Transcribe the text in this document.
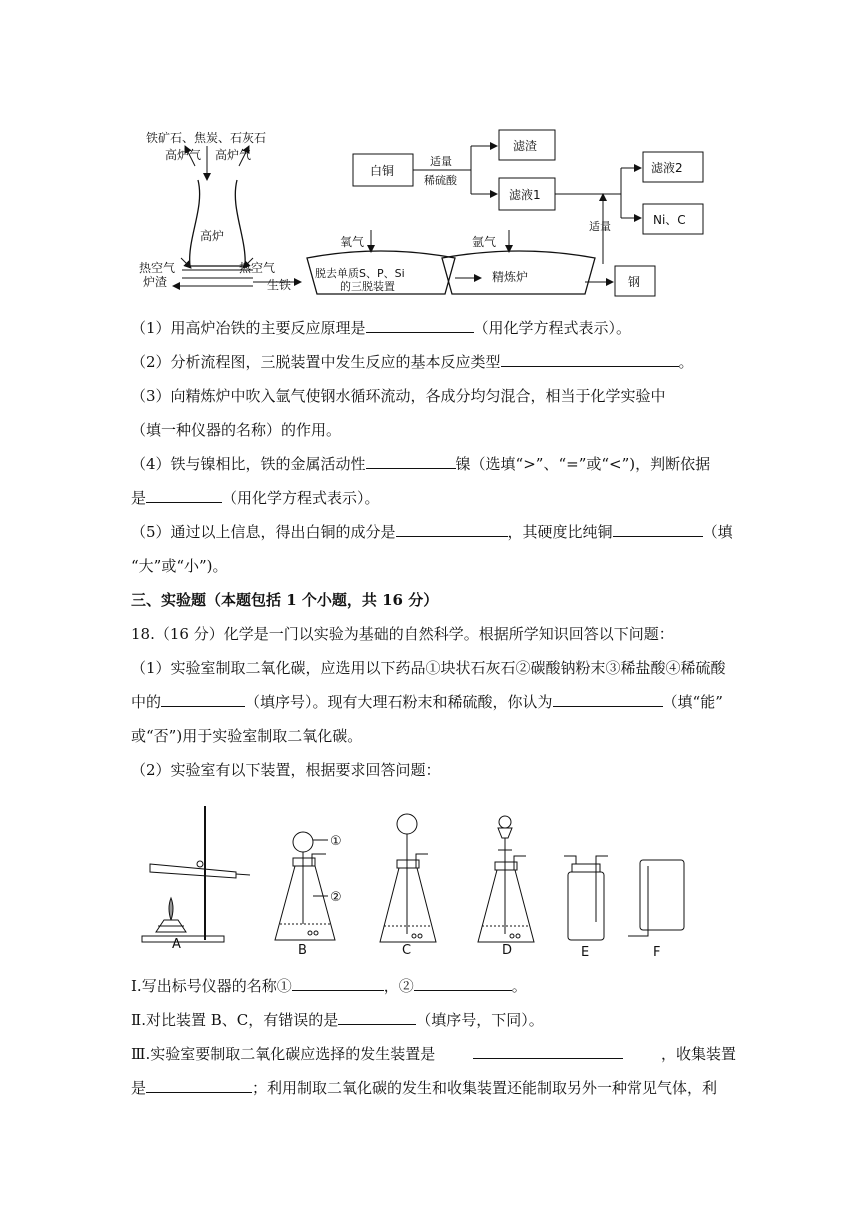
铁矿石、焦炭、石灰石
高炉气 高炉气
高炉
热空气	热空气
炉渣	生铁
脱去单质S、P、Si
的三脱装置
氧气
精炼炉
氩气
钢
适量
白铜
适量
稀硫酸
滤渣
滤液1
滤液2
Ni、C
（1）用高炉冶铁的主要反应原理是	（用化学方程式表示）。
（2）分析流程图，三脱装置中发生反应的基本反应类型	。
（3）向精炼炉中吹入氩气使钢水循环流动，各成分均匀混合，相当于化学实验中
（填一种仪器的名称）的作用。
（4）铁与镍相比，铁的金属活动性	镍（选填“>”、“=”或“<”)，判断依据
是	（用化学方程式表示）。
（5）通过以上信息，得出白铜的成分是	，其硬度比纯铜	（填
“大”或“小”)。
三、实验题（本题包括 1 个小题，共 16 分）
18.（16 分）化学是一门以实验为基础的自然科学。根据所学知识回答以下问题：
（1）实验室制取二氧化碳，应选用以下药品①块状石灰石②碳酸钠粉末③稀盐酸④稀硫酸
中的	（填序号）。现有大理石粉末和稀硫酸，你认为	（填“能”
或“否”)用于实验室制取二氧化碳。
（2）实验室有以下装置，根据要求回答问题：
①
②
A	B	C	D	E	F
Ⅰ.写出标号仪器的名称①	，②	。
Ⅱ.对比装置 B、C，有错误的是	（填序号，下同）。
Ⅲ.实验室要制取二氧化碳应选择的发生装置是	，收集装置
是	；利用制取二氧化碳的发生和收集装置还能制取另外一种常见气体，利
